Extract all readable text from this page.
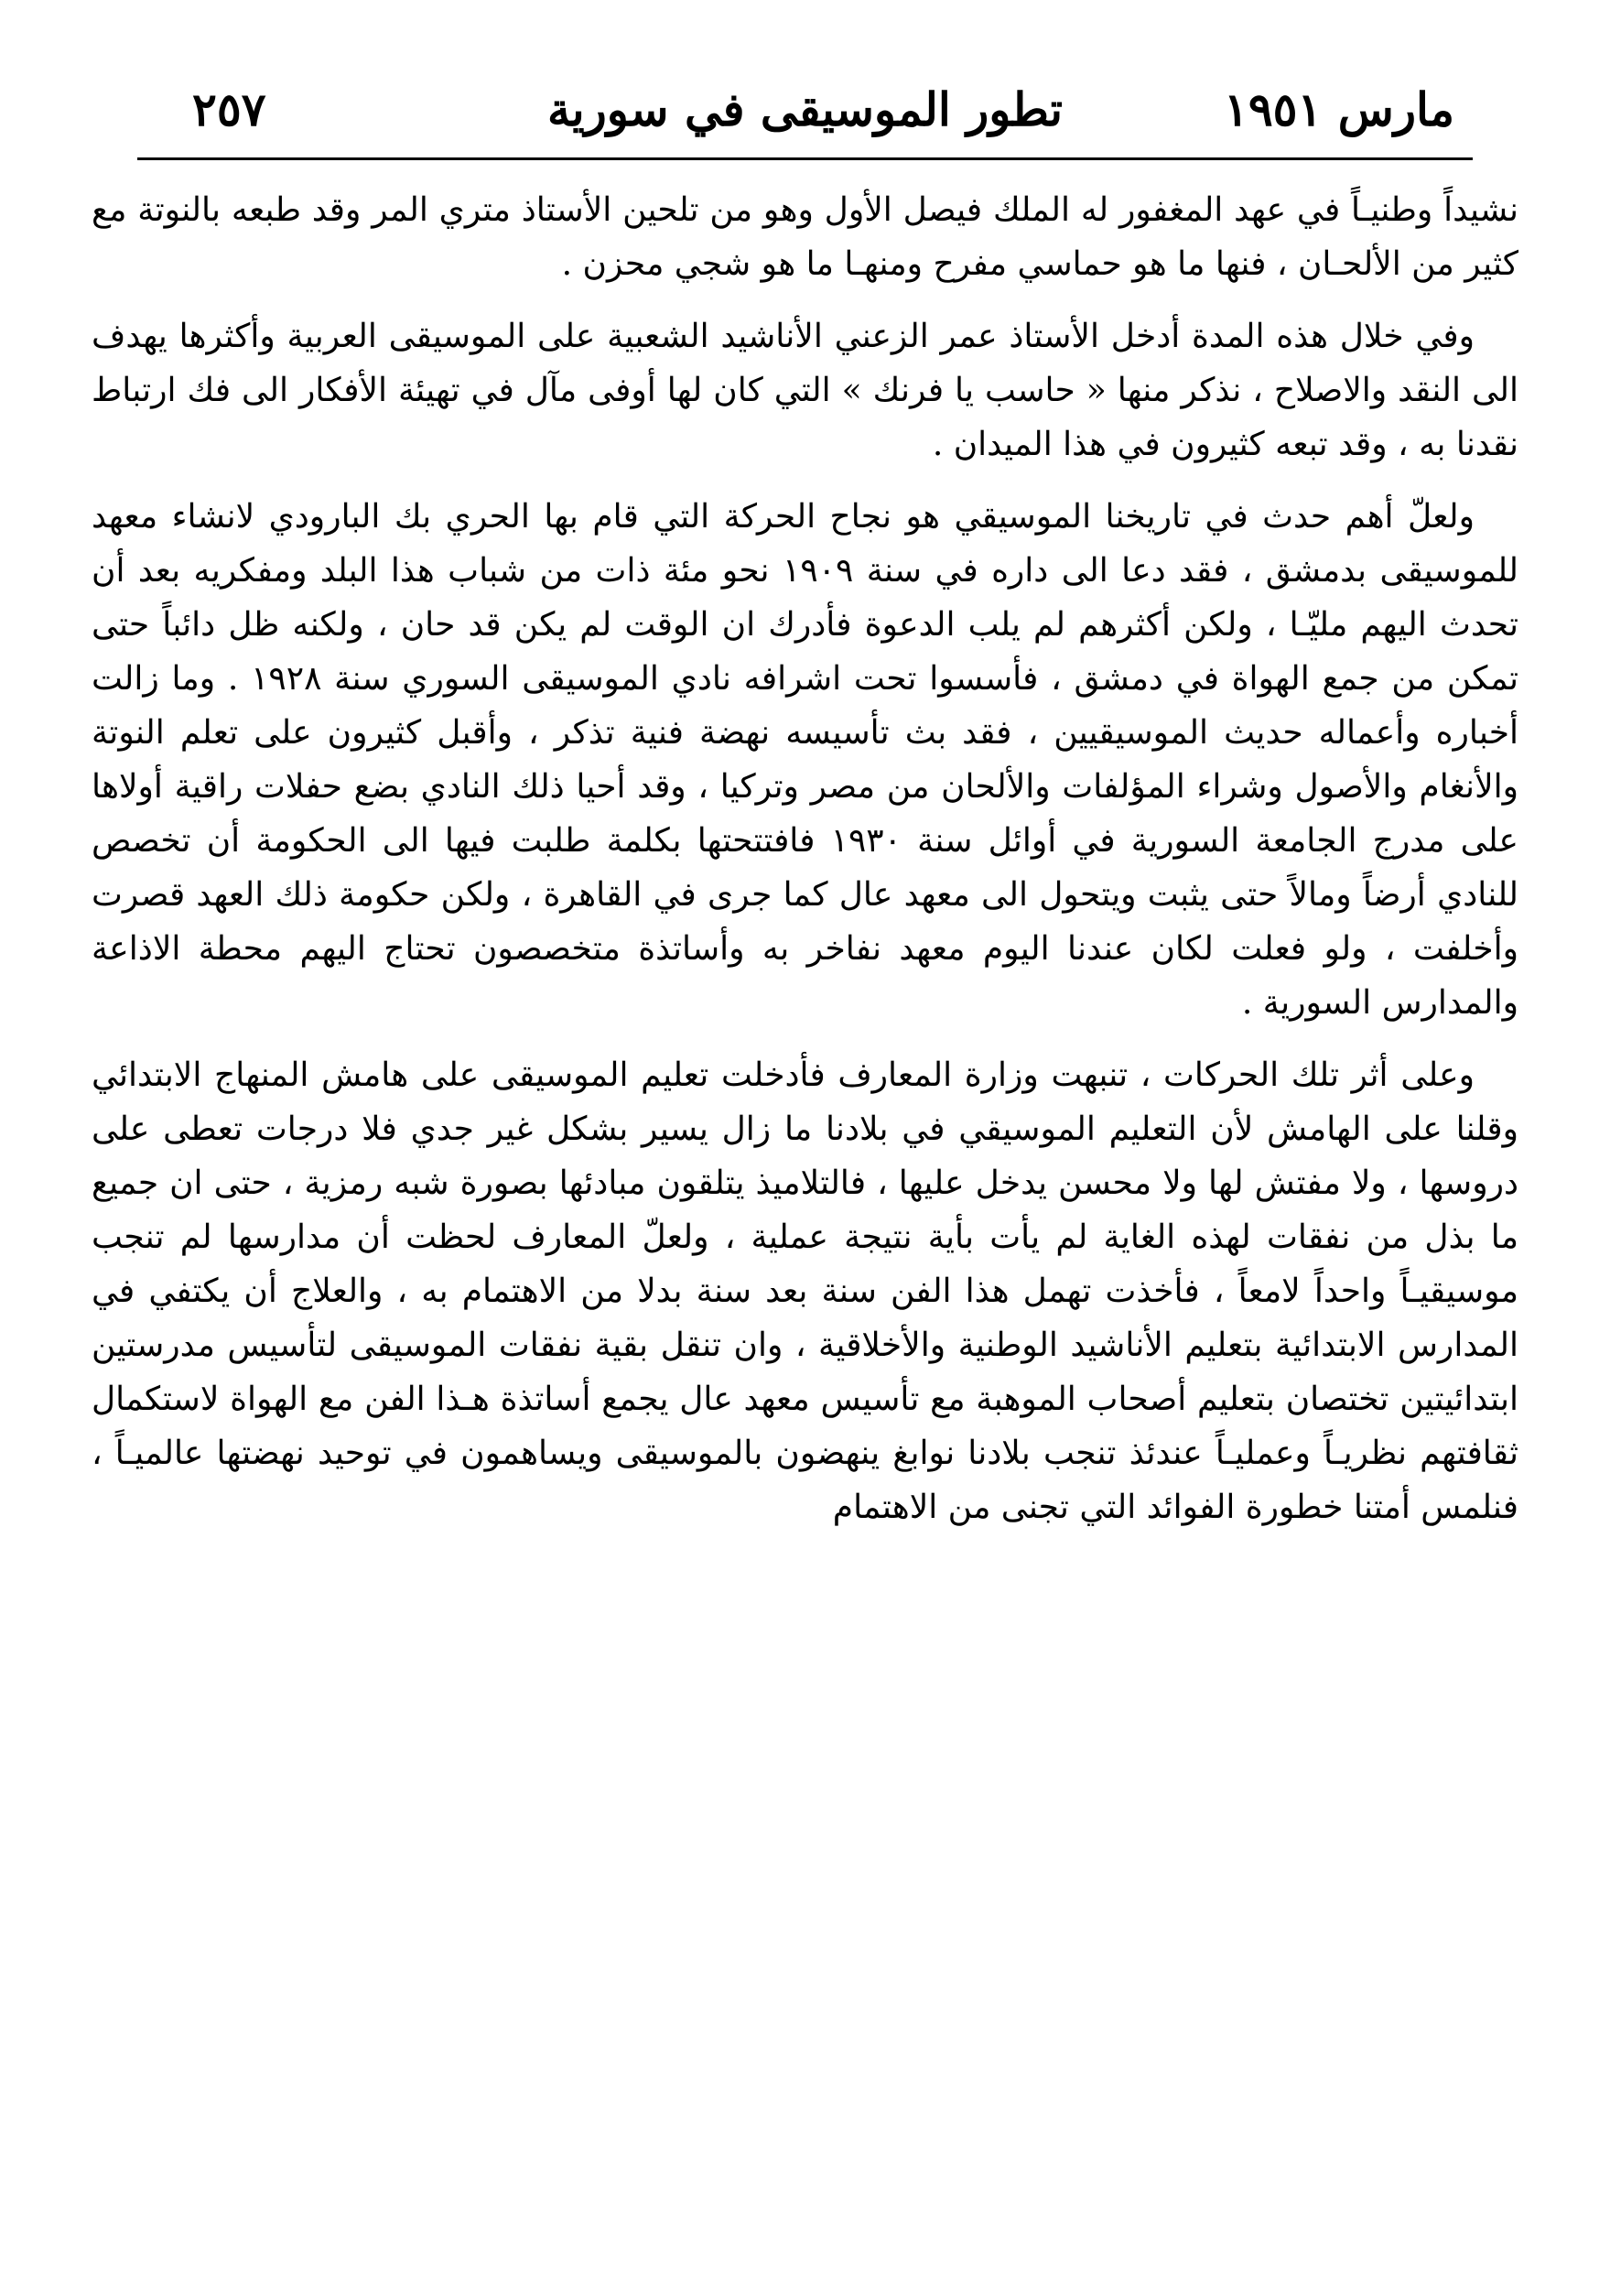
٢٥٧	تطور الموسيقى في سورية	مارس ١٩٥١

نشيداً وطنيـاً في عهد المغفور له الملك فيصل الأول وهو من تلحين الأستاذ متري المر وقد طبعه بالنوتة مع كثير من الألحـان ، فنها ما هو حماسي مفرح ومنهـا ما هو شجي محزن .

وفي خلال هذه المدة أدخل الأستاذ عمر الزعني الأناشيد الشعبية على الموسيقى العربية وأكثرها يهدف الى النقد والاصلاح ، نذكر منها « حاسب يا فرنك » التي كان لها أوفى مآل في تهيئة الأفكار الى فك ارتباط نقدنا به ، وقد تبعه كثيرون في هذا الميدان .

ولعلّ أهم حدث في تاريخنا الموسيقي هو نجاح الحركة التي قام بها الحري بك البارودي لانشاء معهد للموسيقى بدمشق ، فقد دعا الى داره في سنة ١٩٠٩ نحو مئة ذات من شباب هذا البلد ومفكريه بعد أن تحدث اليهم مليّـا ، ولكن أكثرهم لم يلب الدعوة فأدرك ان الوقت لم يكن قد حان ، ولكنه ظل دائباً حتى تمكن من جمع الهواة في دمشق ، فأسسوا تحت اشرافه نادي الموسيقى السوري سنة ١٩٢٨ . وما زالت أخباره وأعماله حديث الموسيقيين ، فقد بث تأسيسه نهضة فنية تذكر ، وأقبل كثيرون على تعلم النوتة والأنغام والأصول وشراء المؤلفات والألحان من مصر وتركيا ، وقد أحيا ذلك النادي بضع حفلات راقية أولاها على مدرج الجامعة السورية في أوائل سنة ١٩٣٠ فافتتحتها بكلمة طلبت فيها الى الحكومة أن تخصص للنادي أرضاً ومالاً حتى يثبت ويتحول الى معهد عال كما جرى في القاهرة ، ولكن حكومة ذلك العهد قصرت وأخلفت ، ولو فعلت لكان عندنا اليوم معهد نفاخر به وأساتذة متخصصون تحتاج اليهم محطة الاذاعة والمدارس السورية .

وعلى أثر تلك الحركات ، تنبهت وزارة المعارف فأدخلت تعليم الموسيقى على هامش المنهاج الابتدائي وقلنا على الهامش لأن التعليم الموسيقي في بلادنا ما زال يسير بشكل غير جدي فلا درجات تعطى على دروسها ، ولا مفتش لها ولا محسن يدخل عليها ، فالتلاميذ يتلقون مبادئها بصورة شبه رمزية ، حتى ان جميع ما بذل من نفقات لهذه الغاية لم يأت بأية نتيجة عملية ، ولعلّ المعارف لحظت أن مدارسها لم تنجب موسيقيـاً واحداً لامعاً ، فأخذت تهمل هذا الفن سنة بعد سنة بدلا من الاهتمام به ، والعلاج أن يكتفي في المدارس الابتدائية بتعليم الأناشيد الوطنية والأخلاقية ، وان تنقل بقية نفقات الموسيقى لتأسيس مدرستين ابتدائيتين تختصان بتعليم أصحاب الموهبة مع تأسيس معهد عال يجمع أساتذة هـذا الفن مع الهواة لاستكمال ثقافتهم نظريـاً وعمليـاً عندئذ تنجب بلادنا نوابغ ينهضون بالموسيقى ويساهمون في توحيد نهضتها عالميـاً ، فنلمس أمتنا خطورة الفوائد التي تجنى من الاهتمام
